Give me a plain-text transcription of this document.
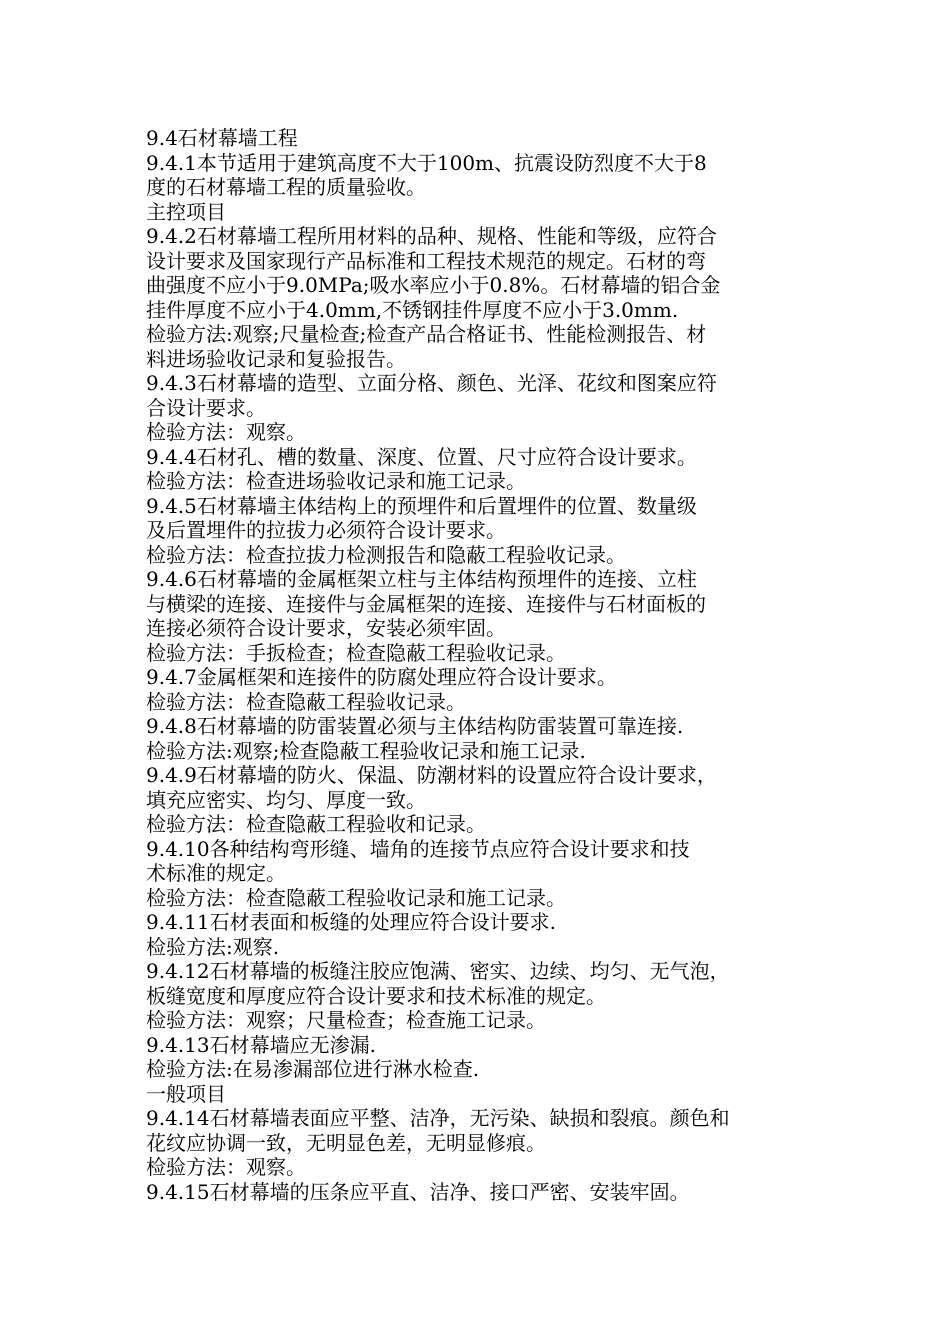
9.4石材幕墙工程
9.4.1本节适用于建筑高度不大于100m、抗震设防烈度不大于8
度的石材幕墙工程的质量验收。
主控项目
9.4.2石材幕墙工程所用材料的品种、规格、性能和等级，应符合
设计要求及国家现行产品标准和工程技术规范的规定。石材的弯
曲强度不应小于9.0MPa;吸水率应小于0.8%。石材幕墙的铝合金
挂件厚度不应小于4.0mm,不锈钢挂件厚度不应小于3.0mm.
检验方法:观察;尺量检查;检查产品合格证书、性能检测报告、材
料进场验收记录和复验报告。
9.4.3石材幕墙的造型、立面分格、颜色、光泽、花纹和图案应符
合设计要求。
检验方法：观察。
9.4.4石材孔、槽的数量、深度、位置、尺寸应符合设计要求。
检验方法：检查进场验收记录和施工记录。
9.4.5石材幕墙主体结构上的预埋件和后置埋件的位置、数量级
及后置埋件的拉拔力必须符合设计要求。
检验方法：检查拉拔力检测报告和隐蔽工程验收记录。
9.4.6石材幕墙的金属框架立柱与主体结构预埋件的连接、立柱
与横梁的连接、连接件与金属框架的连接、连接件与石材面板的
连接必须符合设计要求，安装必须牢固。
检验方法：手扳检查；检查隐蔽工程验收记录。
9.4.7金属框架和连接件的防腐处理应符合设计要求。
检验方法：检查隐蔽工程验收记录。
9.4.8石材幕墙的防雷装置必须与主体结构防雷装置可靠连接.
检验方法:观察;检查隐蔽工程验收记录和施工记录.
9.4.9石材幕墙的防火、保温、防潮材料的设置应符合设计要求，
填充应密实、均匀、厚度一致。
检验方法：检查隐蔽工程验收和记录。
9.4.10各种结构弯形缝、墙角的连接节点应符合设计要求和技
术标准的规定。
检验方法：检查隐蔽工程验收记录和施工记录。
9.4.11石材表面和板缝的处理应符合设计要求.
检验方法:观察.
9.4.12石材幕墙的板缝注胶应饱满、密实、边续、均匀、无气泡，
板缝宽度和厚度应符合设计要求和技术标准的规定。
检验方法：观察；尺量检查；检查施工记录。
9.4.13石材幕墙应无渗漏.
检验方法:在易渗漏部位进行淋水检查.
一般项目
9.4.14石材幕墙表面应平整、洁净，无污染、缺损和裂痕。颜色和
花纹应协调一致，无明显色差，无明显修痕。
检验方法：观察。
9.4.15石材幕墙的压条应平直、洁净、接口严密、安装牢固。
